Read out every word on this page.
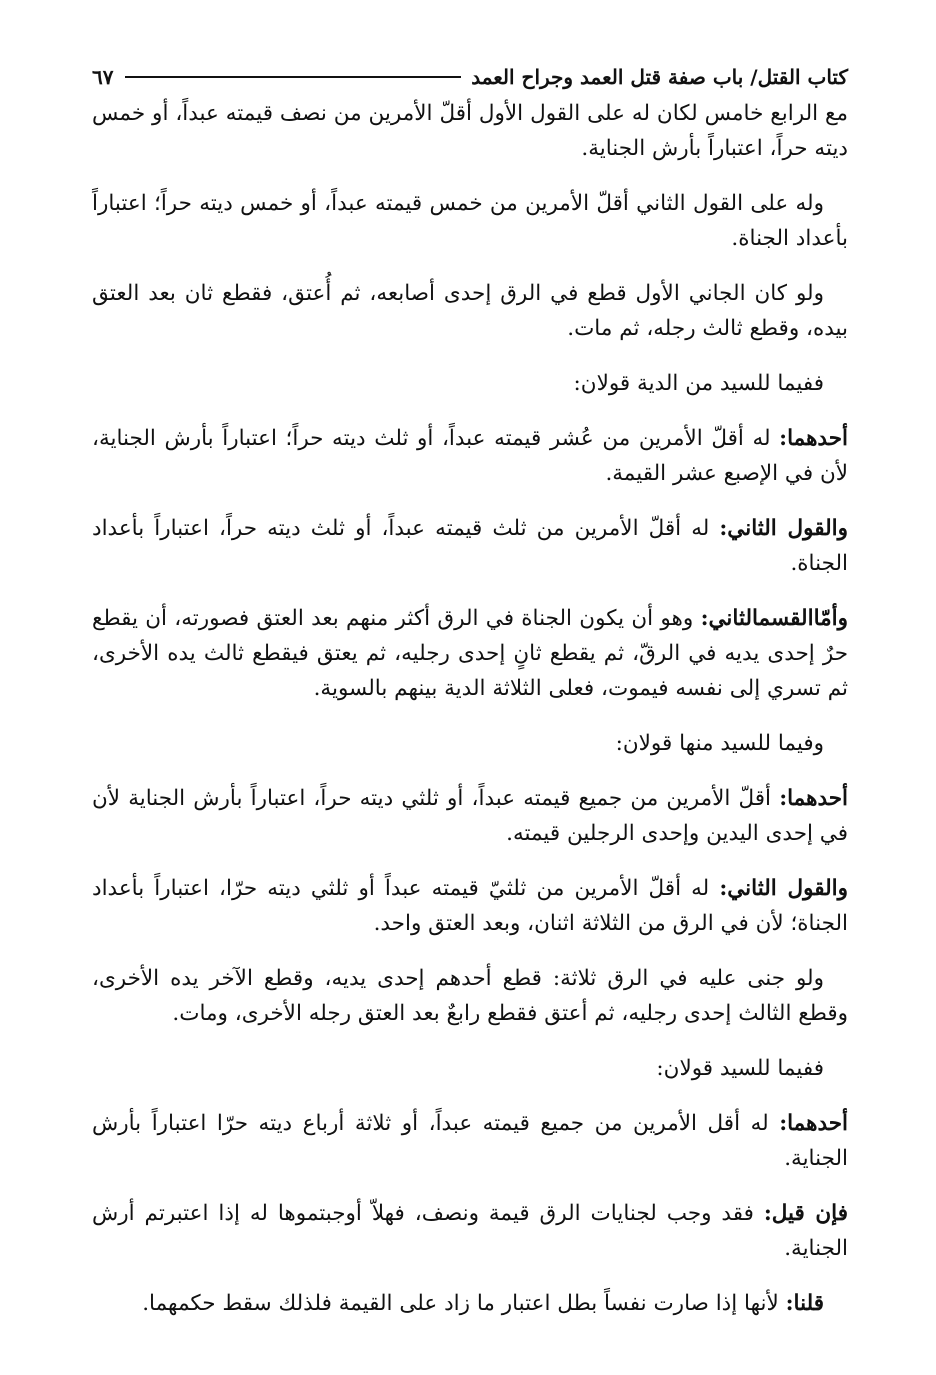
كتاب القتل/ باب صفة قتل العمد وجراح العمد
٦٧

مع الرابع خامس لكان له على القول الأول أقلّ الأمرين من نصف قيمته عبداً، أو خمس ديته حراً، اعتباراً بأرش الجناية.

وله على القول الثاني أقلّ الأمرين من خمس قيمته عبداً، أو خمس ديته حراً؛ اعتباراً بأعداد الجناة.

ولو كان الجاني الأول قطع في الرق إحدى أصابعه، ثم أُعتق، فقطع ثان بعد العتق بيده، وقطع ثالث رجله، ثم مات.

ففيما للسيد من الدية قولان:

أحدهما: له أقلّ الأمرين من عُشر قيمته عبداً، أو ثلث ديته حراً؛ اعتباراً بأرش الجناية، لأن في الإصبع عشر القيمة.

والقول الثاني: له أقلّ الأمرين من ثلث قيمته عبداً، أو ثلث ديته حراً، اعتباراً بأعداد الجناة.

وأمّاالقسمالثاني: وهو أن يكون الجناة في الرق أكثر منهم بعد العتق فصورته، أن يقطع حرٌ إحدى يديه في الرقّ، ثم يقطع ثانٍ إحدى رجليه، ثم يعتق فيقطع ثالث يده الأخرى، ثم تسري إلى نفسه فيموت، فعلى الثلاثة الدية بينهم بالسوية.

وفيما للسيد منها قولان:

أحدهما: أقلّ الأمرين من جميع قيمته عبداً، أو ثلثي ديته حراً، اعتباراً بأرش الجناية لأن في إحدى اليدين وإحدى الرجلين قيمته.

والقول الثاني: له أقلّ الأمرين من ثلثيّ قيمته عبداً أو ثلثي ديته حرّا، اعتباراً بأعداد الجناة؛ لأن في الرق من الثلاثة اثنان، وبعد العتق واحد.

ولو جنى عليه في الرق ثلاثة: قطع أحدهم إحدى يديه، وقطع الآخر يده الأخرى، وقطع الثالث إحدى رجليه، ثم أعتق فقطع رابعٌ بعد العتق رجله الأخرى، ومات.

ففيما للسيد قولان:

أحدهما: له أقل الأمرين من جميع قيمته عبداً، أو ثلاثة أرباع ديته حرّا اعتباراً بأرش الجناية.

فإن قيل: فقد وجب لجنايات الرق قيمة ونصف، فهلاّ أوجبتموها له إذا اعتبرتم أرش الجناية.

قلنا: لأنها إذا صارت نفساً بطل اعتبار ما زاد على القيمة فلذلك سقط حكمهما.
